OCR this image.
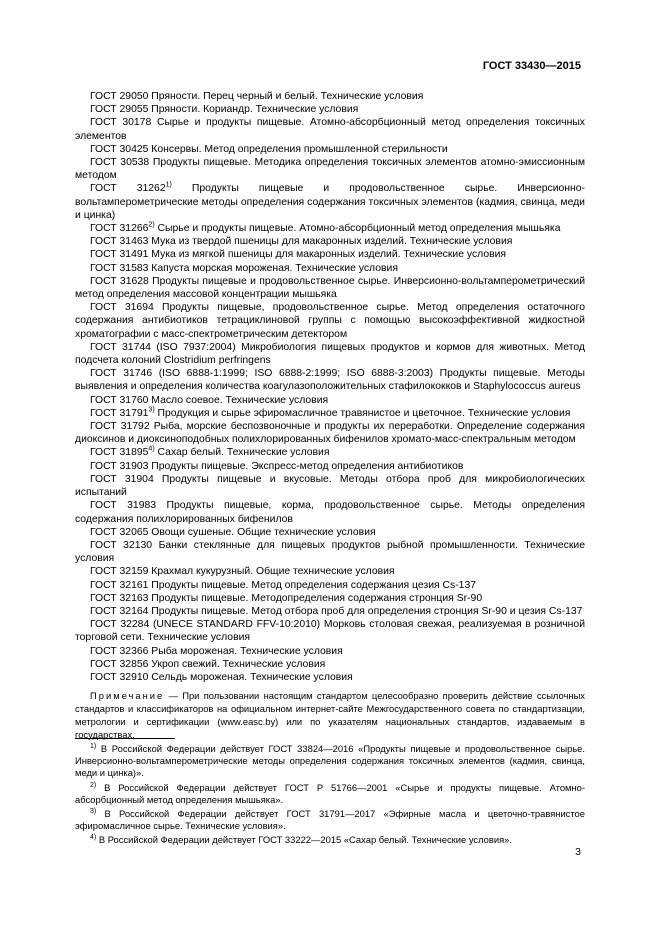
ГОСТ 33430—2015

ГОСТ 29050 Пряности. Перец черный и белый. Технические условия

ГОСТ 29055 Пряности. Кориандр. Технические условия

ГОСТ 30178 Сырье и продукты пищевые. Атомно-абсорбционный метод определения токсичных элементов

ГОСТ 30425 Консервы. Метод определения промышленной стерильности

ГОСТ 30538 Продукты пищевые. Методика определения токсичных элементов атомно-эмиссионным методом

ГОСТ 31262$^{1)}$ Продукты пищевые и продовольственное сырье. Инверсионно-вольтамперометрические методы определения содержания токсичных элементов (кадмия, свинца, меди и цинка)

ГОСТ 31266$^{2)}$ Сырье и продукты пищевые. Атомно-абсорбционный метод определения мышьяка

ГОСТ 31463 Мука из твердой пшеницы для макаронных изделий. Технические условия

ГОСТ 31491 Мука из мягкой пшеницы для макаронных изделий. Технические условия

ГОСТ 31583 Капуста морская мороженая. Технические условия

ГОСТ 31628 Продукты пищевые и продовольственное сырье. Инверсионно-вольтамперометрический метод определения массовой концентрации мышьяка

ГОСТ 31694 Продукты пищевые, продовольственное сырье. Метод определения остаточного содержания антибиотиков тетрациклиновой группы с помощью высокоэффективной жидкостной хроматографии с масс-спектрометрическим детектором

ГОСТ 31744 (ISO 7937:2004) Микробиология пищевых продуктов и кормов для животных. Метод подсчета колоний Clostridium perfringens

ГОСТ 31746 (ISO 6888-1:1999; ISO 6888-2:1999; ISO 6888-3:2003) Продукты пищевые. Методы выявления и определения количества коагулазоположительных стафилококков и Staphylococcus aureus

ГОСТ 31760 Масло соевое. Технические условия

ГОСТ 31791$^{3)}$ Продукция и сырье эфиромасличное травянистое и цветочное. Технические условия

ГОСТ 31792 Рыба, морские беспозвоночные и продукты их переработки. Определение содержания диоксинов и диоксиноподобных полихлорированных бифенилов хромато-масс-спектральным методом

ГОСТ 31895$^{4)}$ Сахар белый. Технические условия

ГОСТ 31903 Продукты пищевые. Экспресс-метод определения антибиотиков

ГОСТ 31904 Продукты пищевые и вкусовые. Методы отбора проб для микробиологических испытаний

ГОСТ 31983 Продукты пищевые, корма, продовольственное сырье. Методы определения содержания полихлорированных бифенилов

ГОСТ 32065 Овощи сушеные. Общие технические условия

ГОСТ 32130 Банки стеклянные для пищевых продуктов рыбной промышленности. Технические условия

ГОСТ 32159 Крахмал кукурузный. Общие технические условия

ГОСТ 32161 Продукты пищевые. Метод определения содержания цезия Cs-137

ГОСТ 32163 Продукты пищевые. Методопределения содержания стронция Sr-90

ГОСТ 32164 Продукты пищевые. Метод отбора проб для определения стронция Sr-90 и цезия Cs-137

ГОСТ 32284 (UNECE STANDARD FFV-10:2010) Морковь столовая свежая, реализуемая в розничной торговой сети. Технические условия

ГОСТ 32366 Рыба мороженая. Технические условия

ГОСТ 32856 Укроп свежий. Технические условия

ГОСТ 32910 Сельдь мороженая. Технические условия

Примечание — При пользовании настоящим стандартом целесообразно проверить действие ссылочных стандартов и классификаторов на официальном интернет-сайте Межгосударственного совета по стандартизации, метрологии и сертификации (www.easc.by) или по указателям национальных стандартов, издаваемым в государствах,

$^{1)}$ В Российской Федерации действует ГОСТ 33824—2016 «Продукты пищевые и продовольственное сырье. Инверсионно-вольтамперометрические методы определения содержания токсичных элементов (кадмия, свинца, меди и цинка)».

$^{2)}$ В Российской Федерации действует ГОСТ Р 51766—2001 «Сырье и продукты пищевые. Атомно-абсорбционный метод определения мышьяка».

$^{3)}$ В Российской Федерации действует ГОСТ 31791—2017 «Эфирные масла и цветочно-травянистое эфиромасличное сырье. Технические условия».

$^{4)}$ В Российской Федерации действует ГОСТ 33222—2015 «Сахар белый. Технические условия».

3
